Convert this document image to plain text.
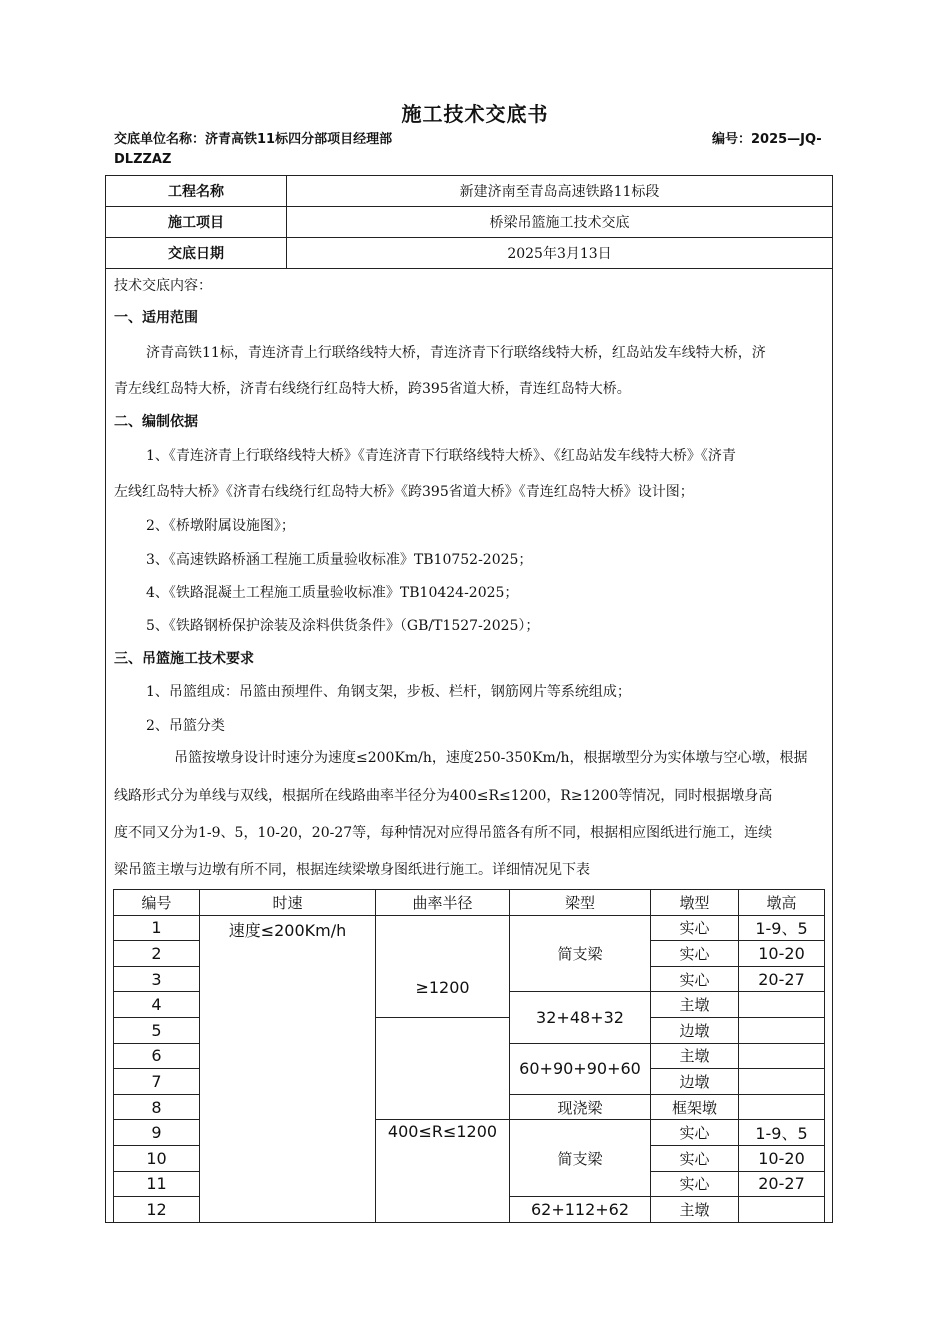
施工技术交底书
交底单位名称：济青高铁11标四分部项目经理部	编号：2025—JQ-
DLZZAZ
工程名称	新建济南至青岛高速铁路11标段
施工项目	桥梁吊篮施工技术交底
交底日期	2025年3月13日
技术交底内容：
一、适用范围
济青高铁11标，青连济青上行联络线特大桥，青连济青下行联络线特大桥，红岛站发车线特大桥，济
青左线红岛特大桥，济青右线绕行红岛特大桥，跨395省道大桥，青连红岛特大桥。
二、编制依据
1、《青连济青上行联络线特大桥》《青连济青下行联络线特大桥》、《红岛站发车线特大桥》《济青
左线红岛特大桥》《济青右线绕行红岛特大桥》《跨395省道大桥》《青连红岛特大桥》设计图；
2、《桥墩附属设施图》；
3、《高速铁路桥涵工程施工质量验收标准》TB10752-2025；
4、《铁路混凝土工程施工质量验收标准》TB10424-2025；
5、《铁路钢桥保护涂装及涂料供货条件》（GB/T1527-2025）；
三、吊篮施工技术要求
1、吊篮组成：吊篮由预埋件、角钢支架，步板、栏杆，钢筋网片等系统组成；
2、吊篮分类
吊篮按墩身设计时速分为速度≤200Km/h，速度250-350Km/h，根据墩型分为实体墩与空心墩，根据
线路形式分为单线与双线，根据所在线路曲率半径分为400≤R≤1200，R≥1200等情况，同时根据墩身高
度不同又分为1-9、5，10-20，20-27等，每种情况对应得吊篮各有所不同，根据相应图纸进行施工，连续
梁吊篮主墩与边墩有所不同，根据连续梁墩身图纸进行施工。详细情况见下表
编号	时速	曲率半径	梁型	墩型	墩高
1	速度≤200Km/h		简支梁	实心	1-9、5
2				实心	10-20
3				实心	20-27
4			32+48+32	主墩	
5		≥1200		边墩	
6			60+90+90+60	主墩	
7				边墩	
8			现浇梁	框架墩	
9		400≤R≤1200	简支梁	实心	1-9、5
10				实心	10-20
11				实心	20-27
12			62+112+62	主墩	
